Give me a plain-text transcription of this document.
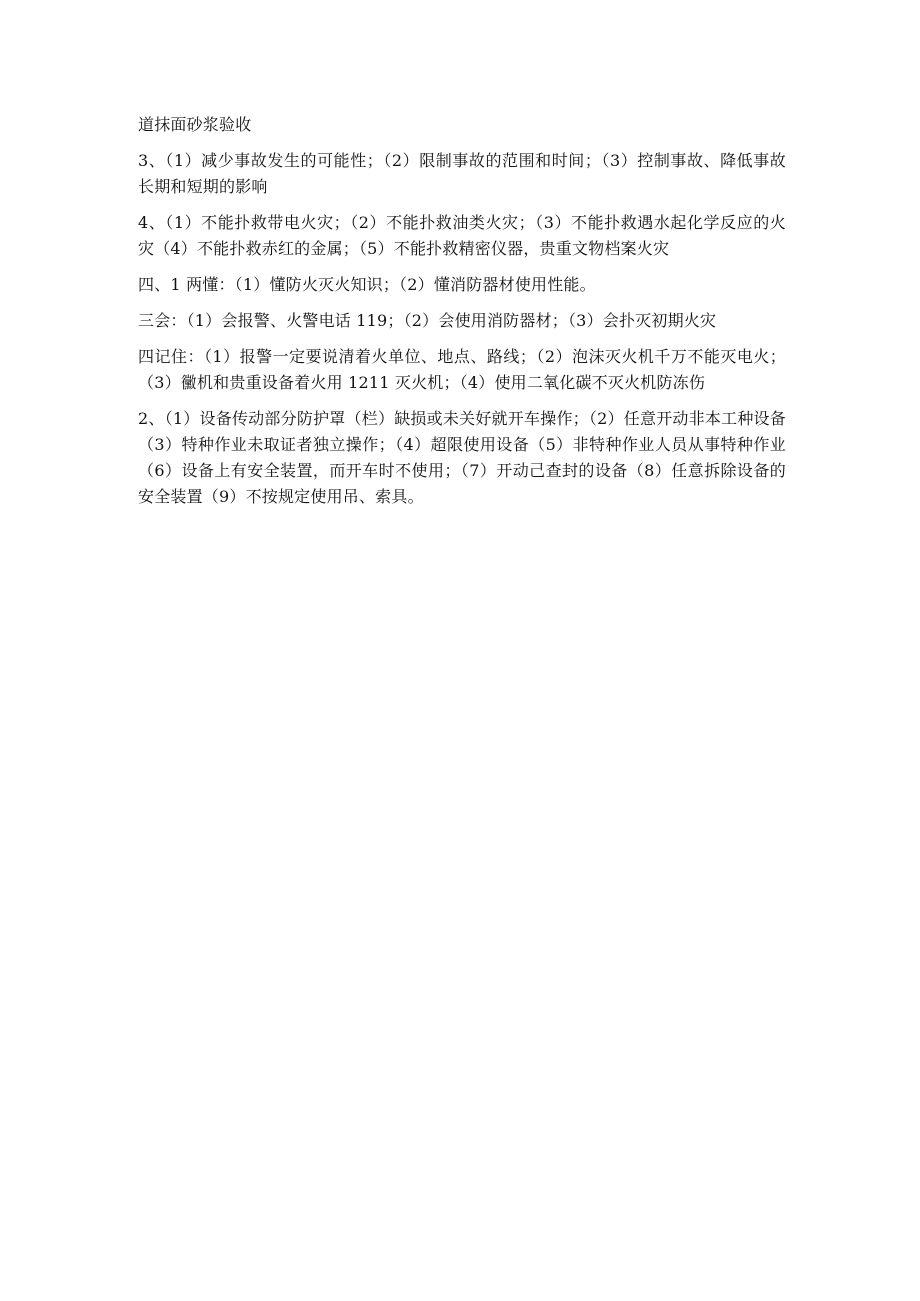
道抹面砂浆验收

3、（1）减少事故发生的可能性；（2）限制事故的范围和时间；（3）控制事故、降低事故长期和短期的影响

4、（1）不能扑救带电火灾；（2）不能扑救油类火灾；（3）不能扑救遇水起化学反应的火灾（4）不能扑救赤红的金属；（5）不能扑救精密仪器，贵重文物档案火灾

四、1 两懂：（1）懂防火灭火知识；（2）懂消防器材使用性能。

三会：（1）会报警、火警电话 119；（2）会使用消防器材；（3）会扑灭初期火灾

四记住：（1）报警一定要说清着火单位、地点、路线；（2）泡沫灭火机千万不能灭电火；（3）黴机和贵重设备着火用 1211 灭火机；（4）使用二氧化碳不灭火机防冻伤

2、（1）设备传动部分防护罩（栏）缺损或未关好就开车操作；（2）任意开动非本工种设备（3）特种作业未取证者独立操作；（4）超限使用设备（5）非特种作业人员从事特种作业（6）设备上有安全装置，而开车时不使用；（7）开动己查封的设备（8）任意拆除设备的安全装置（9）不按规定使用吊、索具。
